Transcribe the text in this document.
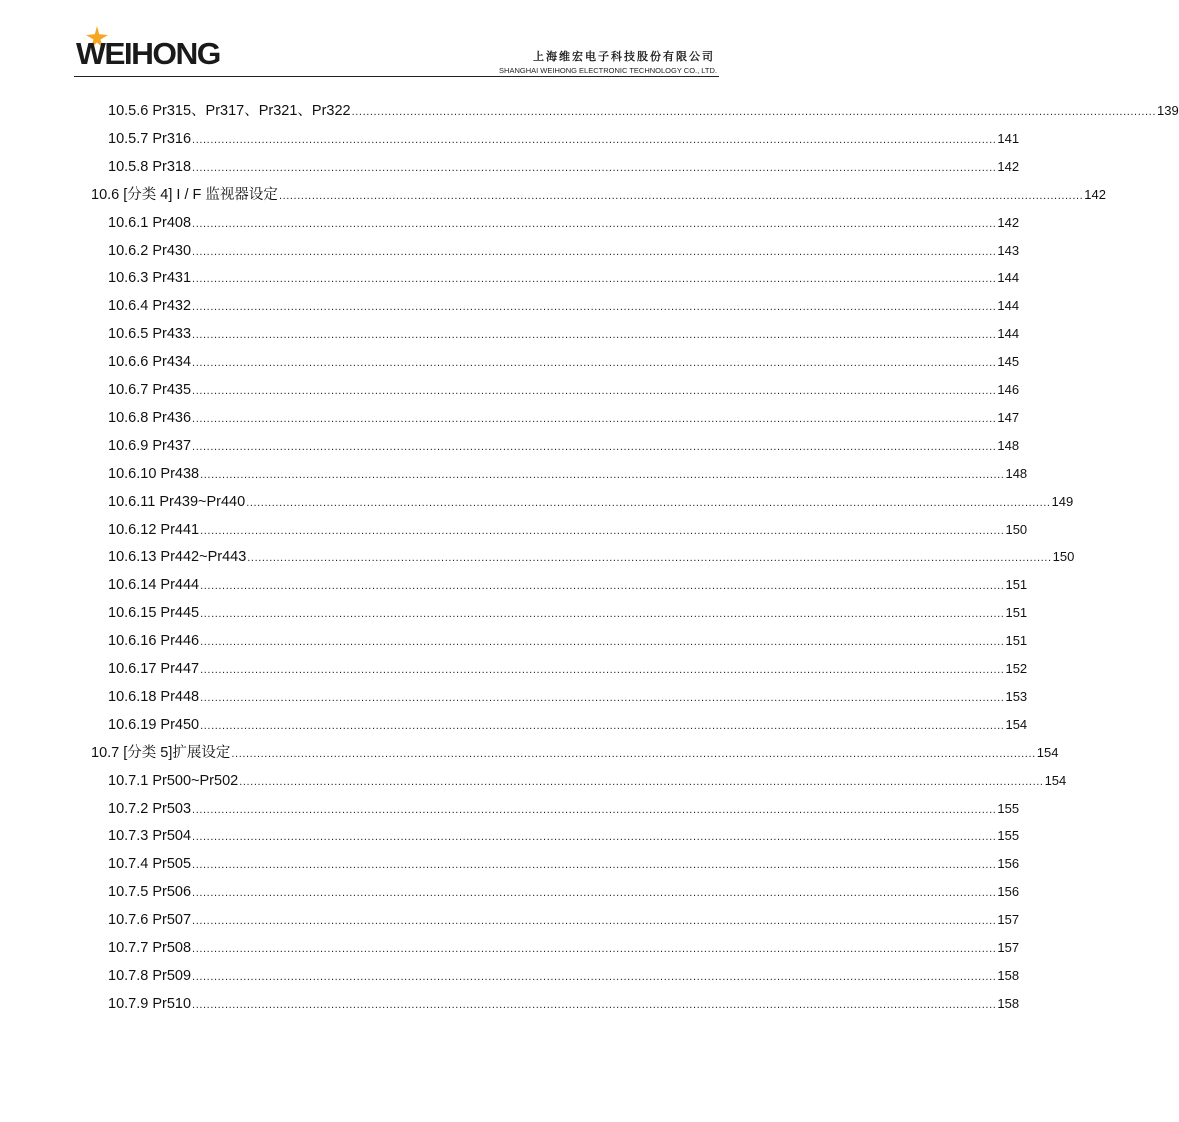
WEIHONG	上海维宏电子科技股份有限公司
SHANGHAI WEIHONG ELECTRONIC TECHNOLOGY CO., LTD.
10.5.6 Pr315、Pr317、Pr321、Pr322 ............................................................................................................................................................................................................................ 139
10.5.7 Pr316 ............................................................................................................................................................................................................................ 141
10.5.8 Pr318 ............................................................................................................................................................................................................................ 142
10.6 [分类 4] I / F 监视器设定 ............................................................................................................................................................................................................................ 142
10.6.1 Pr408 ............................................................................................................................................................................................................................ 142
10.6.2 Pr430 ............................................................................................................................................................................................................................ 143
10.6.3 Pr431 ............................................................................................................................................................................................................................ 144
10.6.4 Pr432 ............................................................................................................................................................................................................................ 144
10.6.5 Pr433 ............................................................................................................................................................................................................................ 144
10.6.6 Pr434 ............................................................................................................................................................................................................................ 145
10.6.7 Pr435 ............................................................................................................................................................................................................................ 146
10.6.8 Pr436 ............................................................................................................................................................................................................................ 147
10.6.9 Pr437 ............................................................................................................................................................................................................................ 148
10.6.10 Pr438 ............................................................................................................................................................................................................................ 148
10.6.11 Pr439~Pr440 ............................................................................................................................................................................................................................ 149
10.6.12 Pr441 ............................................................................................................................................................................................................................ 150
10.6.13 Pr442~Pr443 ............................................................................................................................................................................................................................ 150
10.6.14 Pr444 ............................................................................................................................................................................................................................ 151
10.6.15 Pr445 ............................................................................................................................................................................................................................ 151
10.6.16 Pr446 ............................................................................................................................................................................................................................ 151
10.6.17 Pr447 ............................................................................................................................................................................................................................ 152
10.6.18 Pr448 ............................................................................................................................................................................................................................ 153
10.6.19 Pr450 ............................................................................................................................................................................................................................ 154
10.7 [分类 5]扩展设定 ............................................................................................................................................................................................................................ 154
10.7.1 Pr500~Pr502 ............................................................................................................................................................................................................................ 154
10.7.2 Pr503 ............................................................................................................................................................................................................................ 155
10.7.3 Pr504 ............................................................................................................................................................................................................................ 155
10.7.4 Pr505 ............................................................................................................................................................................................................................ 156
10.7.5 Pr506 ............................................................................................................................................................................................................................ 156
10.7.6 Pr507 ............................................................................................................................................................................................................................ 157
10.7.7 Pr508 ............................................................................................................................................................................................................................ 157
10.7.8 Pr509 ............................................................................................................................................................................................................................ 158
10.7.9 Pr510 ............................................................................................................................................................................................................................ 158
